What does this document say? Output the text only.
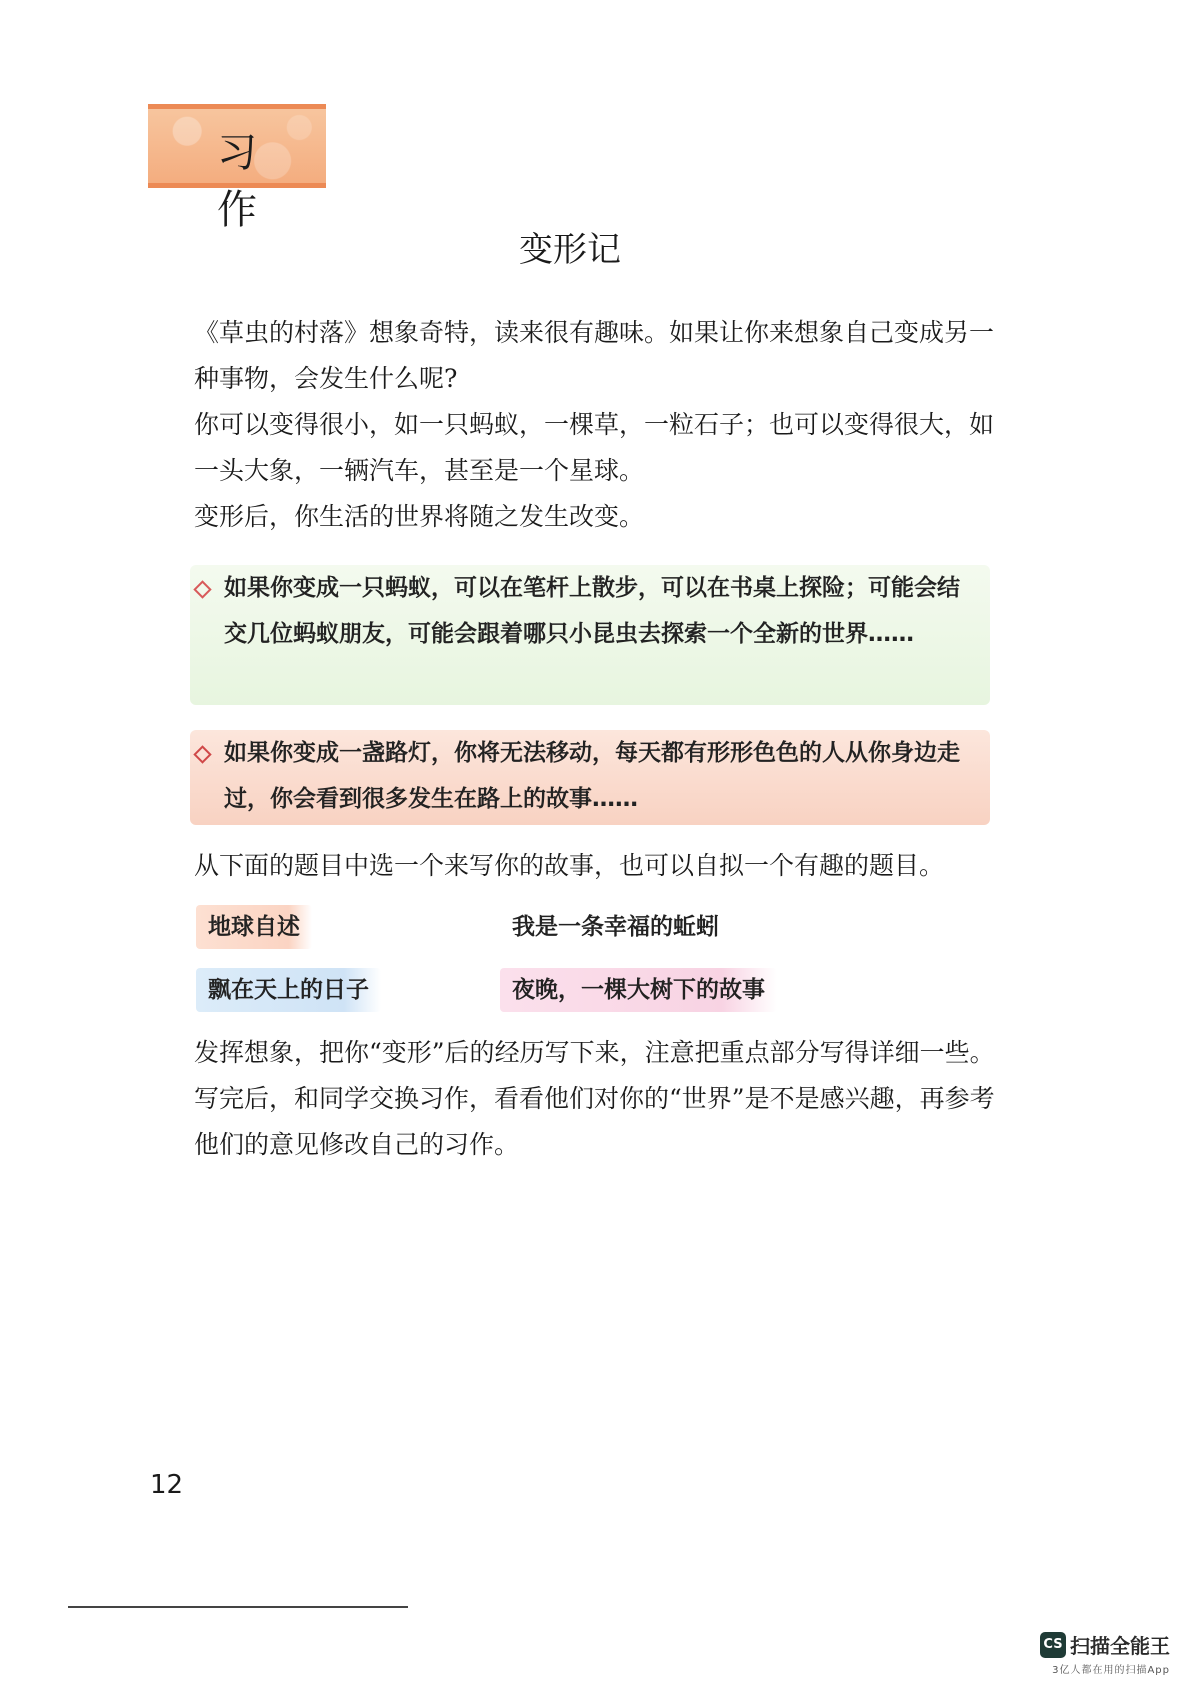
习 作
变形记
《草虫的村落》想象奇特，读来很有趣味。如果让你来想象自己变成另一种事物，会发生什么呢?
你可以变得很小，如一只蚂蚁，一棵草，一粒石子；也可以变得很大，如一头大象，一辆汽车，甚至是一个星球。
变形后，你生活的世界将随之发生改变。
如果你变成一只蚂蚁，可以在笔杆上散步，可以在书桌上探险；可能会结交几位蚂蚁朋友，可能会跟着哪只小昆虫去探索一个全新的世界……
如果你变成一盏路灯，你将无法移动，每天都有形形色色的人从你身边走过，你会看到很多发生在路上的故事……
从下面的题目中选一个来写你的故事，也可以自拟一个有趣的题目。
地球自述	我是一条幸福的蚯蚓
飘在天上的日子	夜晚，一棵大树下的故事
发挥想象，把你“变形”后的经历写下来，注意把重点部分写得详细一些。写完后，和同学交换习作，看看他们对你的“世界”是不是感兴趣，再参考他们的意见修改自己的习作。
12
CS 扫描全能王
3亿人都在用的扫描App
